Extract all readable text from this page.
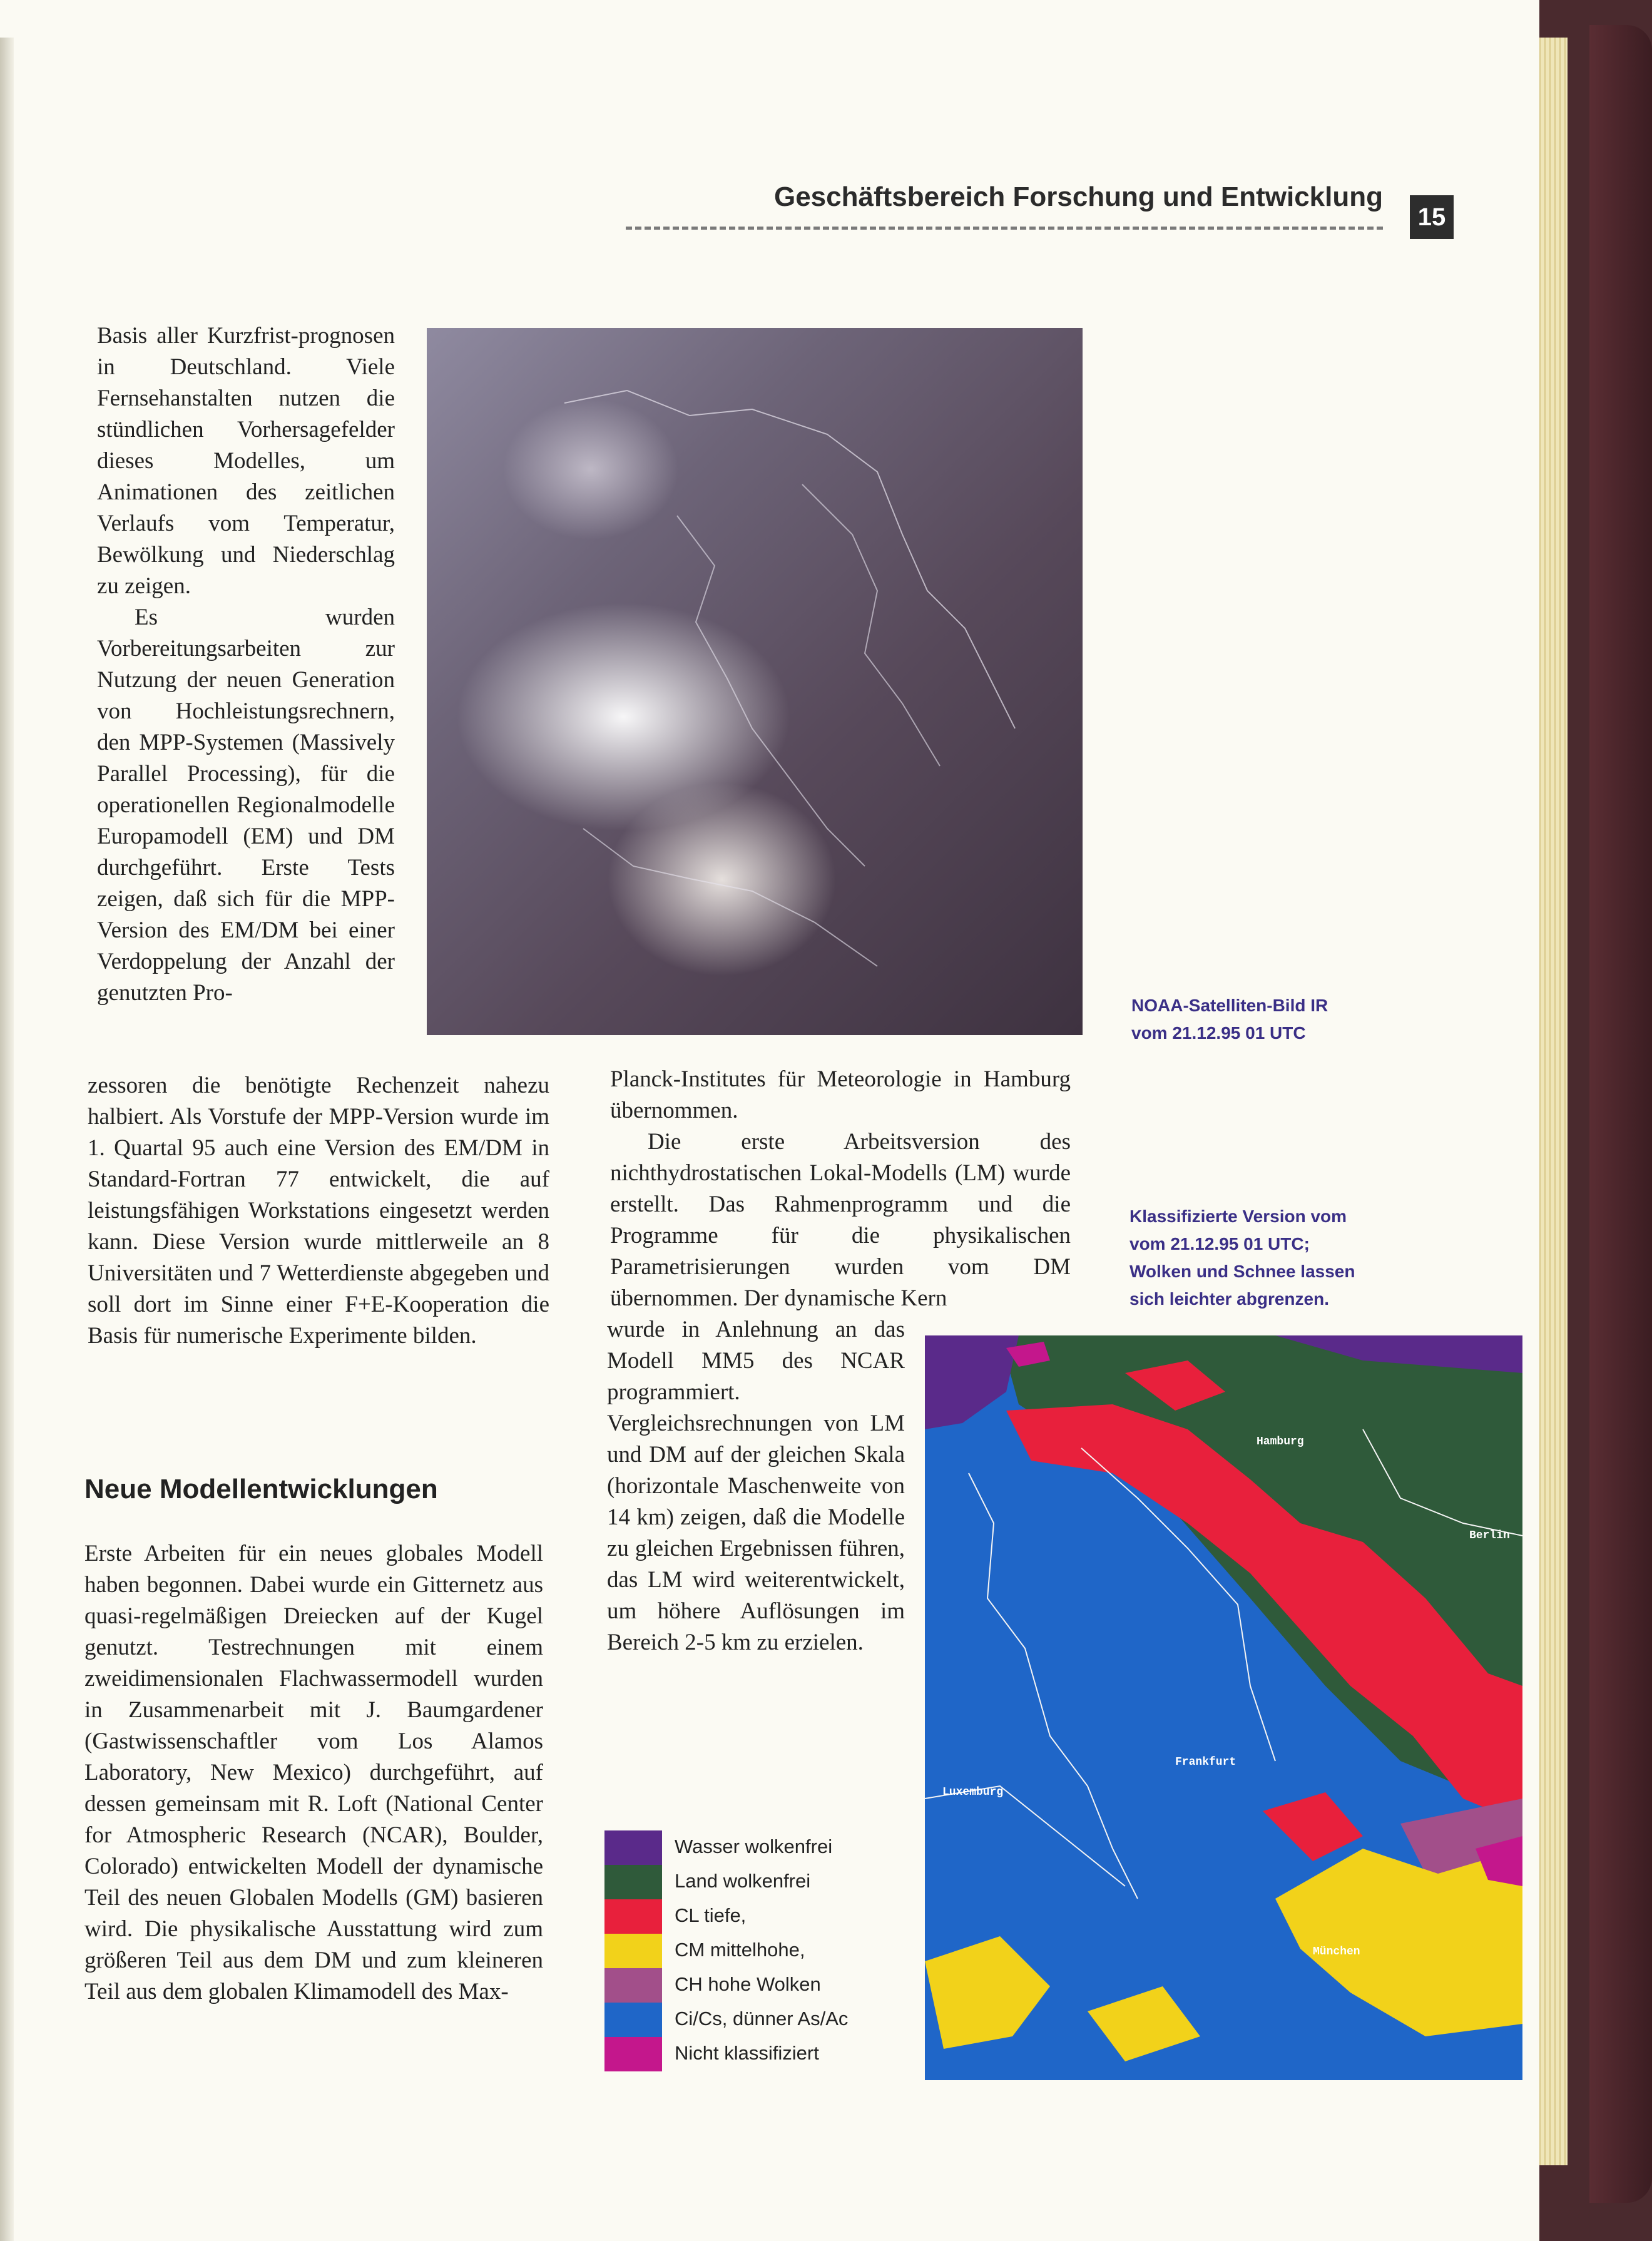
Geschäftsbereich Forschung und Entwicklung
15

Basis aller Kurzfrist-prognosen in Deutschland. Viele Fernsehanstalten nutzen die stündlichen Vorhersagefelder dieses Modelles, um Animationen des zeitlichen Verlaufs vom Temperatur, Bewölkung und Niederschlag zu zeigen.

Es wurden Vorbereitungsarbeiten zur Nutzung der neuen Generation von Hochleistungsrechnern, den MPP-Systemen (Massively Parallel Processing), für die operationellen Regionalmodelle Europamodell (EM) und DM durchgeführt. Erste Tests zeigen, daß sich für die MPP-Version des EM/DM bei einer Verdoppelung der Anzahl der genutzten Pro-

zessoren die benötigte Rechenzeit nahezu halbiert. Als Vorstufe der MPP-Version wurde im 1. Quartal 95 auch eine Version des EM/DM in Standard-Fortran 77 entwickelt, die auf leistungsfähigen Workstations eingesetzt werden kann. Diese Version wurde mittlerweile an 8 Universitäten und 7 Wetterdienste abgegeben und soll dort im Sinne einer F+E-Kooperation die Basis für numerische Experimente bilden.

Neue Modellentwicklungen

Erste Arbeiten für ein neues globales Modell haben begonnen. Dabei wurde ein Gitternetz aus quasi-regelmäßigen Dreiecken auf der Kugel genutzt. Testrechnungen mit einem zweidimensionalen Flachwassermodell wurden in Zusammenarbeit mit J. Baumgardener (Gastwissenschaftler vom Los Alamos Laboratory, New Mexico) durchgeführt, auf dessen gemeinsam mit R. Loft (National Center for Atmospheric Research (NCAR), Boulder, Colorado) entwickelten Modell der dynamische Teil des neuen Globalen Modells (GM) basieren wird. Die physikalische Ausstattung wird zum größeren Teil aus dem DM und zum kleineren Teil aus dem globalen Klimamodell des Max-

Planck-Institutes für Meteorologie in Hamburg übernommen.

Die erste Arbeitsversion des nichthydrostatischen Lokal-Modells (LM) wurde erstellt. Das Rahmenprogramm und die Programme für die physikalischen Parametrisierungen wurden vom DM übernommen. Der dynamische Kern

wurde in Anlehnung an das Modell MM5 des NCAR programmiert. Vergleichsrechnungen von LM und DM auf der gleichen Skala (horizontale Maschenweite von 14 km) zeigen, daß die Modelle zu gleichen Ergebnissen führen, das LM wird weiterentwickelt, um höhere Auflösungen im Bereich 2-5 km zu erzielen.

NOAA-Satelliten-Bild IR
vom 21.12.95 01 UTC
Klassifizierte Version vom
vom 21.12.95 01 UTC;
Wolken und Schnee lassen
sich leichter abgrenzen.
Hamburg
Berlin
Frankfurt
Luxemburg
München
Wasser wolkenfrei
Land wolkenfrei
CL tiefe,
CM mittelhohe,
CH hohe Wolken
Ci/Cs, dünner As/Ac
Nicht klassifiziert
